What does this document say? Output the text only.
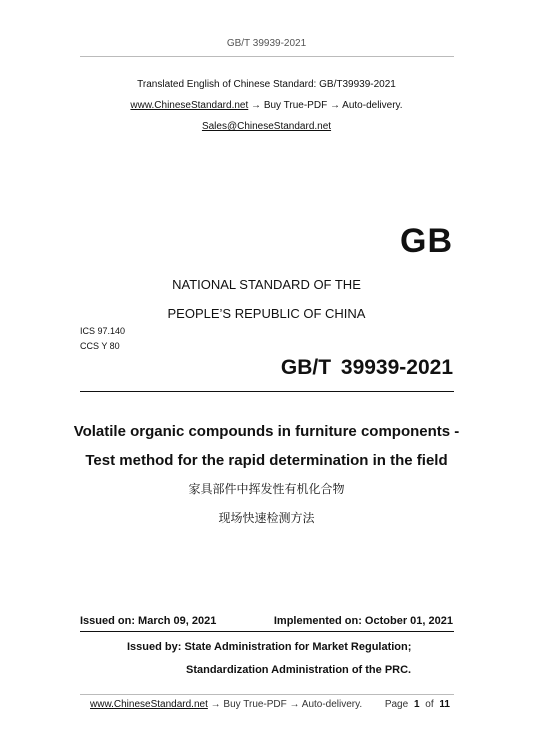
GB/T 39939-2021
Translated English of Chinese Standard: GB/T39939-2021
www.ChineseStandard.net → Buy True-PDF → Auto-delivery.
Sales@ChineseStandard.net
GB
NATIONAL STANDARD OF THE
PEOPLE’S REPUBLIC OF CHINA
ICS 97.140
CCS Y 80
GB/T 39939-2021
Volatile organic compounds in furniture components -
Test method for the rapid determination in the field
家具部件中挥发性有机化合物
现场快速检测方法
Issued on: March 09, 2021	Implemented on: October 01, 2021
Issued by: State Administration for Market Regulation;
Standardization Administration of the PRC.
www.ChineseStandard.net → Buy True-PDF → Auto-delivery. Page 1 of 11
